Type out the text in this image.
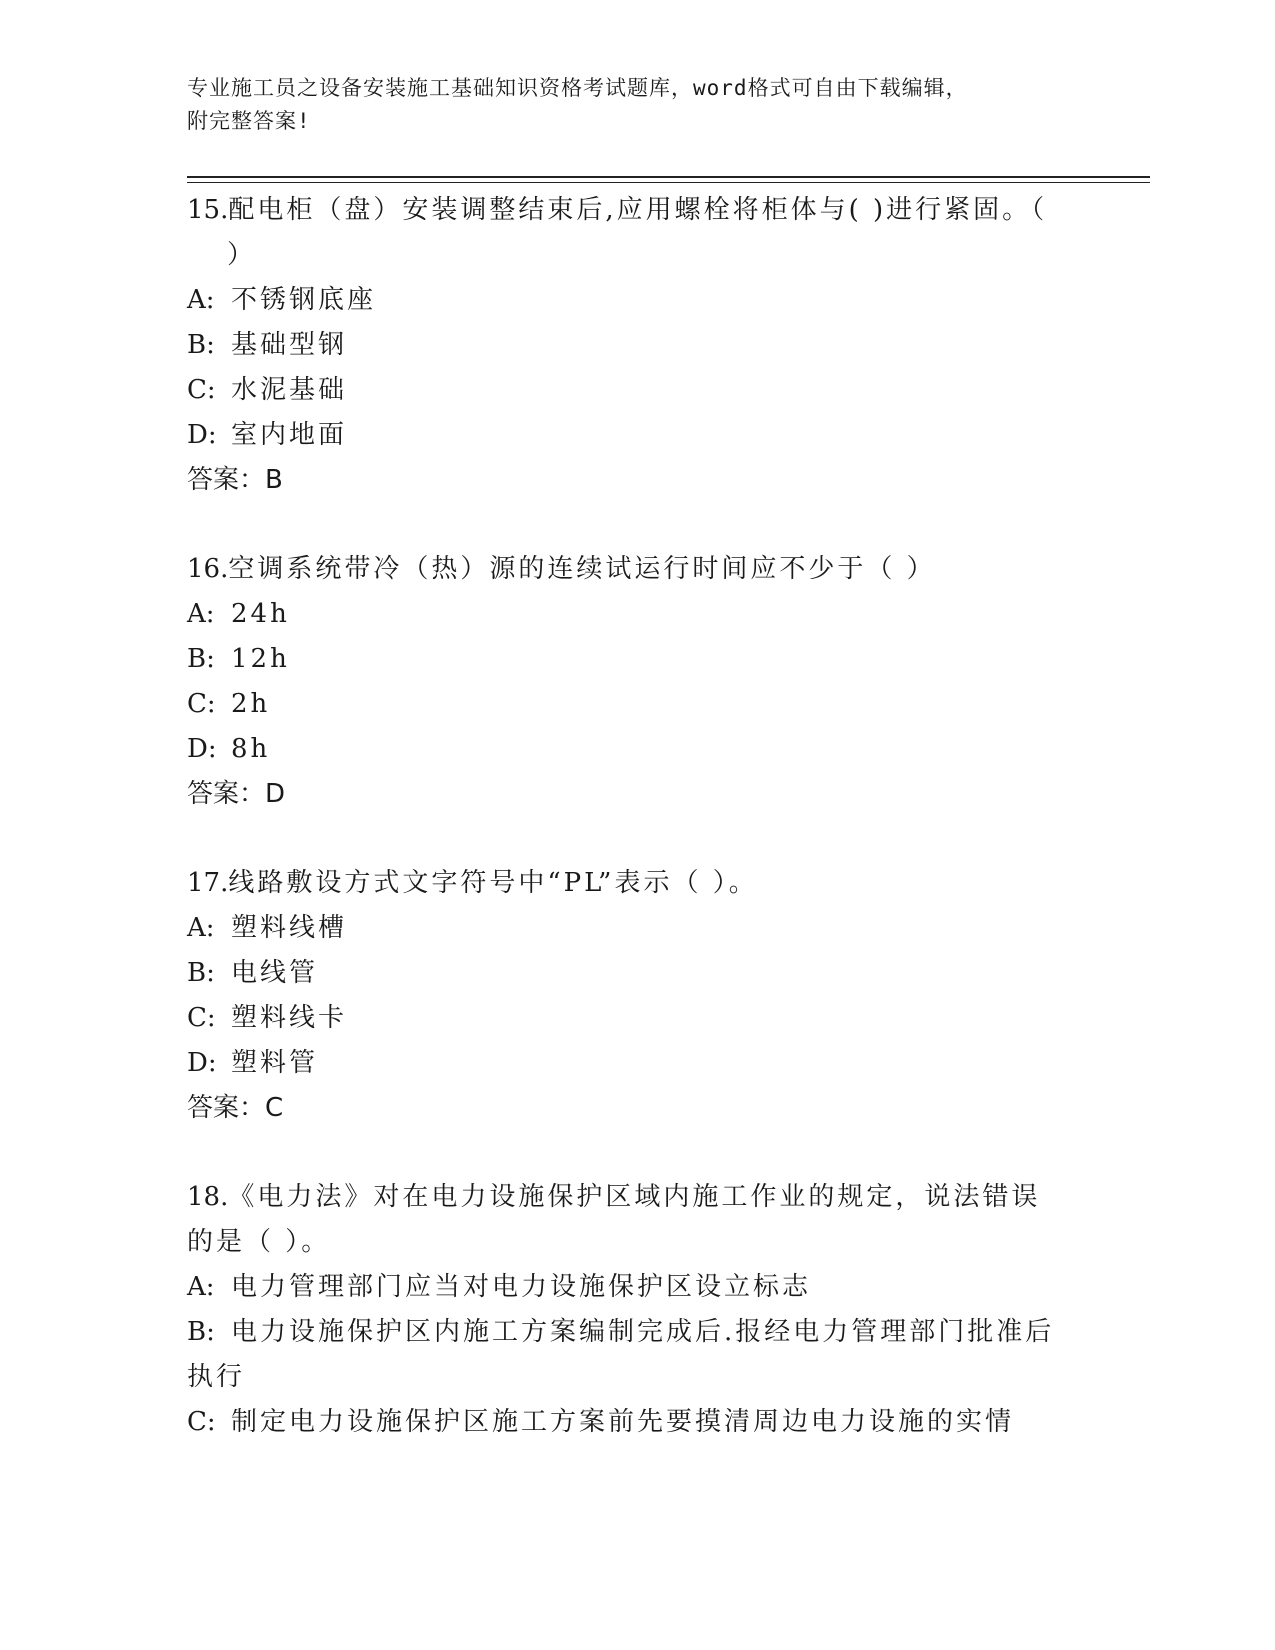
专业施工员之设备安装施工基础知识资格考试题库，word格式可自由下载编辑，
附完整答案!

15.配电柜（盘）安装调整结束后,应用螺栓将柜体与( )进行紧固。（

）

A: 不锈钢底座

B: 基础型钢

C: 水泥基础

D: 室内地面

答案：B

16.空调系统带冷（热）源的连续试运行时间应不少于（ ）

A: 24h

B: 12h

C: 2h

D: 8h

答案：D

17.线路敷设方式文字符号中“PL”表示（ ）。

A: 塑料线槽

B: 电线管

C: 塑料线卡

D: 塑料管

答案：C

18.《电力法》对在电力设施保护区域内施工作业的规定，说法错误的是（ ）。

A: 电力管理部门应当对电力设施保护区设立标志

B: 电力设施保护区内施工方案编制完成后.报经电力管理部门批准后执行

C: 制定电力设施保护区施工方案前先要摸清周边电力设施的实情
